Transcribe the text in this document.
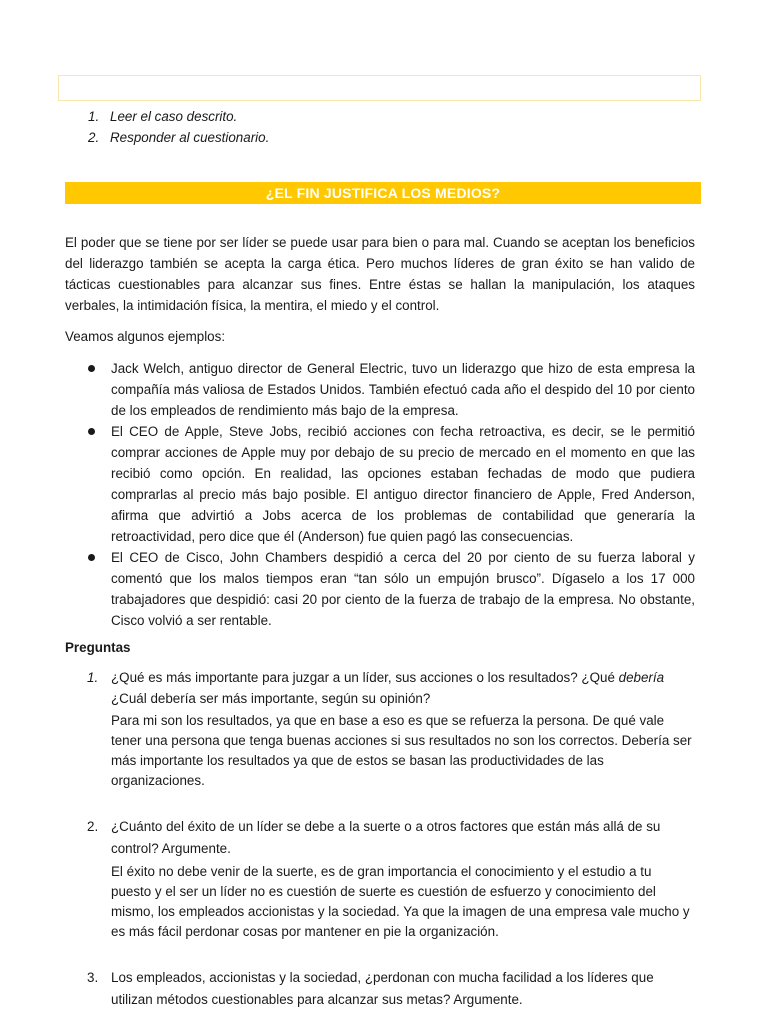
1. Leer el caso descrito.
2. Responder al cuestionario.
¿EL FIN JUSTIFICA LOS MEDIOS?

El poder que se tiene por ser líder se puede usar para bien o para mal. Cuando se aceptan los beneficios del liderazgo también se acepta la carga ética. Pero muchos líderes de gran éxito se han valido de tácticas cuestionables para alcanzar sus fines. Entre éstas se hallan la manipulación, los ataques verbales, la intimidación física, la mentira, el miedo y el control.

Veamos algunos ejemplos:

Jack Welch, antiguo director de General Electric, tuvo un liderazgo que hizo de esta empresa la compañía más valiosa de Estados Unidos. También efectuó cada año el despido del 10 por ciento de los empleados de rendimiento más bajo de la empresa.
El CEO de Apple, Steve Jobs, recibió acciones con fecha retroactiva, es decir, se le permitió comprar acciones de Apple muy por debajo de su precio de mercado en el momento en que las recibió como opción. En realidad, las opciones estaban fechadas de modo que pudiera comprarlas al precio más bajo posible. El antiguo director financiero de Apple, Fred Anderson, afirma que advirtió a Jobs acerca de los problemas de contabilidad que generaría la retroactividad, pero dice que él (Anderson) fue quien pagó las consecuencias.
El CEO de Cisco, John Chambers despidió a cerca del 20 por ciento de su fuerza laboral y comentó que los malos tiempos eran “tan sólo un empujón brusco”. Dígaselo a los 17 000 trabajadores que despidió: casi 20 por ciento de la fuerza de trabajo de la empresa. No obstante, Cisco volvió a ser rentable.

Preguntas

1. ¿Qué es más importante para juzgar a un líder, sus acciones o los resultados? ¿Qué debería
¿Cuál debería ser más importante, según su opinión?
Para mi son los resultados, ya que en base a eso es que se refuerza la persona. De qué vale tener una persona que tenga buenas acciones si sus resultados no son los correctos. Debería ser más importante los resultados ya que de estos se basan las productividades de las organizaciones.
2. ¿Cuánto del éxito de un líder se debe a la suerte o a otros factores que están más allá de su control? Argumente.
El éxito no debe venir de la suerte, es de gran importancia el conocimiento y el estudio a tu puesto y el ser un líder no es cuestión de suerte es cuestión de esfuerzo y conocimiento del mismo, los empleados accionistas y la sociedad. Ya que la imagen de una empresa vale mucho y es más fácil perdonar cosas por mantener en pie la organización.
3. Los empleados, accionistas y la sociedad, ¿perdonan con mucha facilidad a los líderes que utilizan métodos cuestionables para alcanzar sus metas? Argumente.
